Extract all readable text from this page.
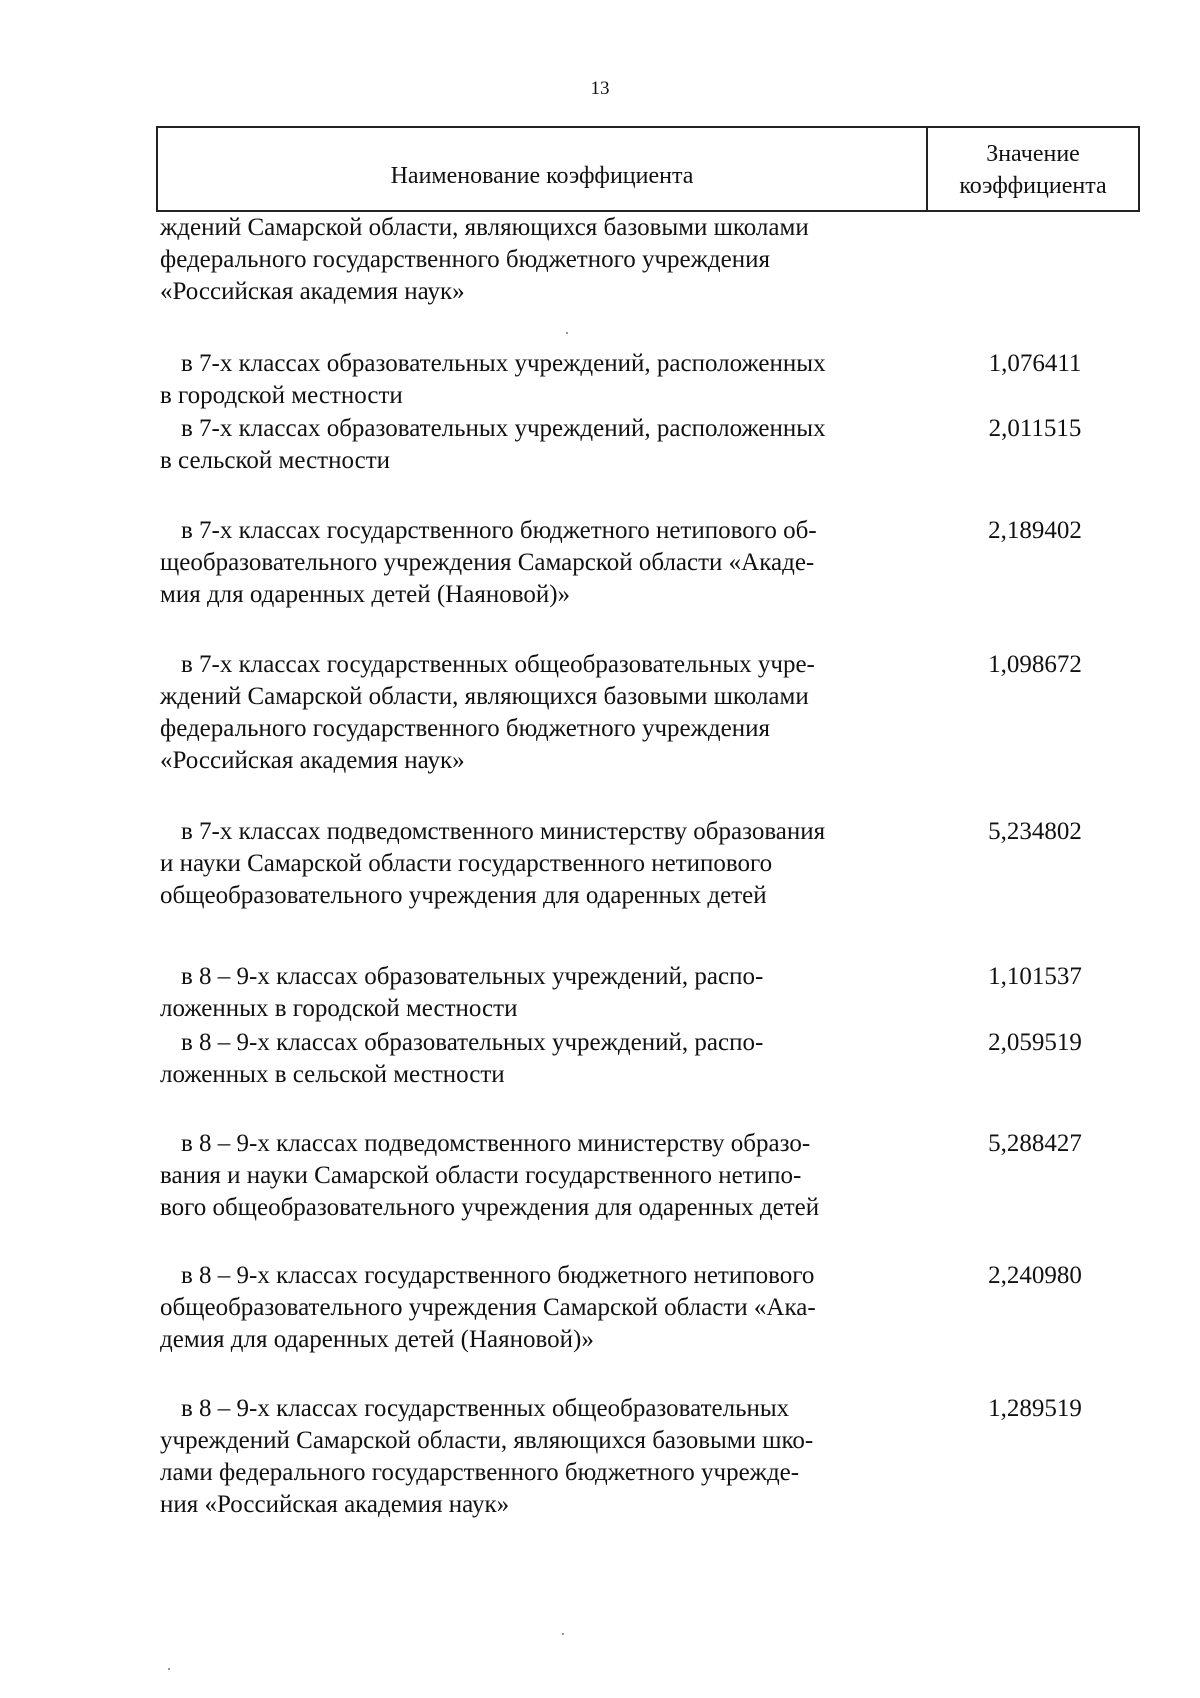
13
Наименование коэффициента
Значение
коэффициента
ждений Самарской области, являющихся базовыми школами
федерального государственного бюджетного учреждения
«Российская академия наук»
в 7-х классах образовательных учреждений, расположенных
в городской местности
1,076411
в 7-х классах образовательных учреждений, расположенных
в сельской местности
2,011515
в 7-х классах государственного бюджетного нетипового об-
щеобразовательного учреждения Самарской области «Акаде-
мия для одаренных детей (Наяновой)»
2,189402
в 7-х классах государственных общеобразовательных учре-
ждений Самарской области, являющихся базовыми школами
федерального государственного бюджетного учреждения
«Российская академия наук»
1,098672
в 7-х классах подведомственного министерству образования
и науки Самарской области государственного нетипового
общеобразовательного учреждения для одаренных детей
5,234802
в 8 – 9-х классах образовательных учреждений, распо-
ложенных в городской местности
1,101537
в 8 – 9-х классах образовательных учреждений, распо-
ложенных в сельской местности
2,059519
в 8 – 9-х классах подведомственного министерству образо-
вания и науки Самарской области государственного нетипо-
вого общеобразовательного учреждения для одаренных детей
5,288427
в 8 – 9-х классах государственного бюджетного нетипового
общеобразовательного учреждения Самарской области «Ака-
демия для одаренных детей (Наяновой)»
2,240980
в 8 – 9-х классах государственных общеобразовательных
учреждений Самарской области, являющихся базовыми шко-
лами федерального государственного бюджетного учрежде-
ния «Российская академия наук»
1,289519
